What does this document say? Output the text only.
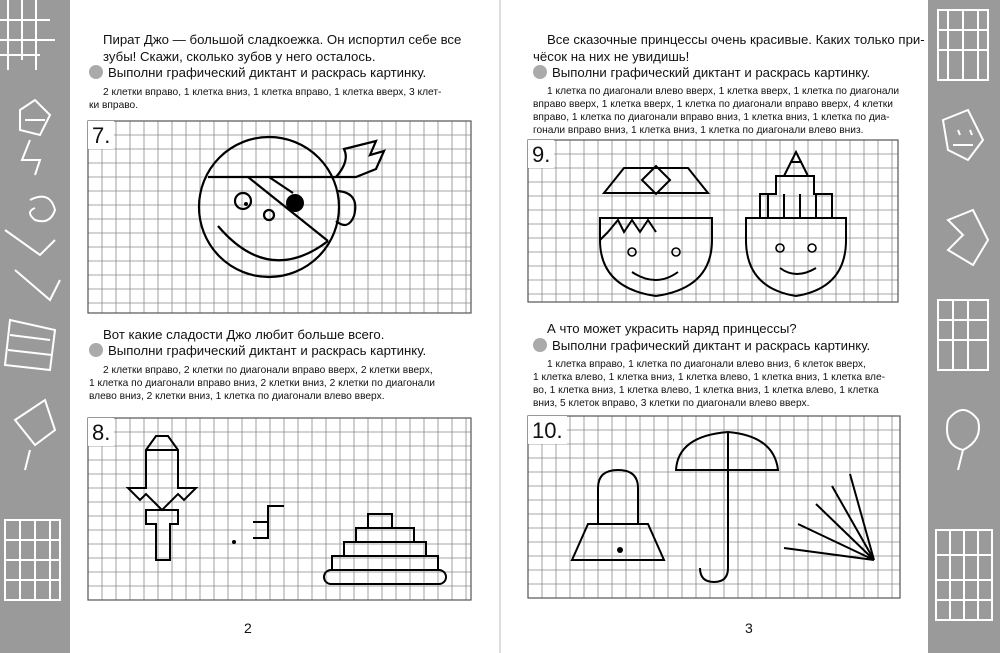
Пират Джо — большой сладкоежка. Он испортил себе все
зубы! Скажи, сколько зубов у него осталось.
Выполни графический диктант и раскрась картинку.
2 клетки вправо, 1 клетка вниз, 1 клетка вправо, 1 клетка вверх, 3 клет-
ки вправо.
Вот какие сладости Джо любит больше всего.
Выполни графический диктант и раскрась картинку.
2 клетки вправо, 2 клетки по диагонали вправо вверх, 2 клетки вверх,
1 клетка по диагонали вправо вниз, 2 клетки вниз, 2 клетки по диагонали
влево вниз, 2 клетки вниз, 1 клетка по диагонали влево вверх.
Все сказочные принцессы очень красивые. Каких только при-
чёсок на них не увидишь!
Выполни графический диктант и раскрась картинку.
1 клетка по диагонали влево вверх, 1 клетка вверх, 1 клетка по диагонали
вправо вверх, 1 клетка вверх, 1 клетка по диагонали вправо вверх, 4 клетки
вправо, 1 клетка по диагонали вправо вниз, 1 клетка вниз, 1 клетка по диа-
гонали вправо вниз, 1 клетка вниз, 1 клетка по диагонали влево вниз.
А что может украсить наряд принцессы?
Выполни графический диктант и раскрась картинку.
1 клетка вправо, 1 клетка по диагонали влево вниз, 6 клеток вверх,
1 клетка влево, 1 клетка вниз, 1 клетка влево, 1 клетка вниз, 1 клетка вле-
во, 1 клетка вниз, 1 клетка влево, 1 клетка вниз, 1 клетка влево, 1 клетка
вниз, 5 клеток вправо, 3 клетки по диагонали влево вверх.
7.
8.
9.
10.
2	3
